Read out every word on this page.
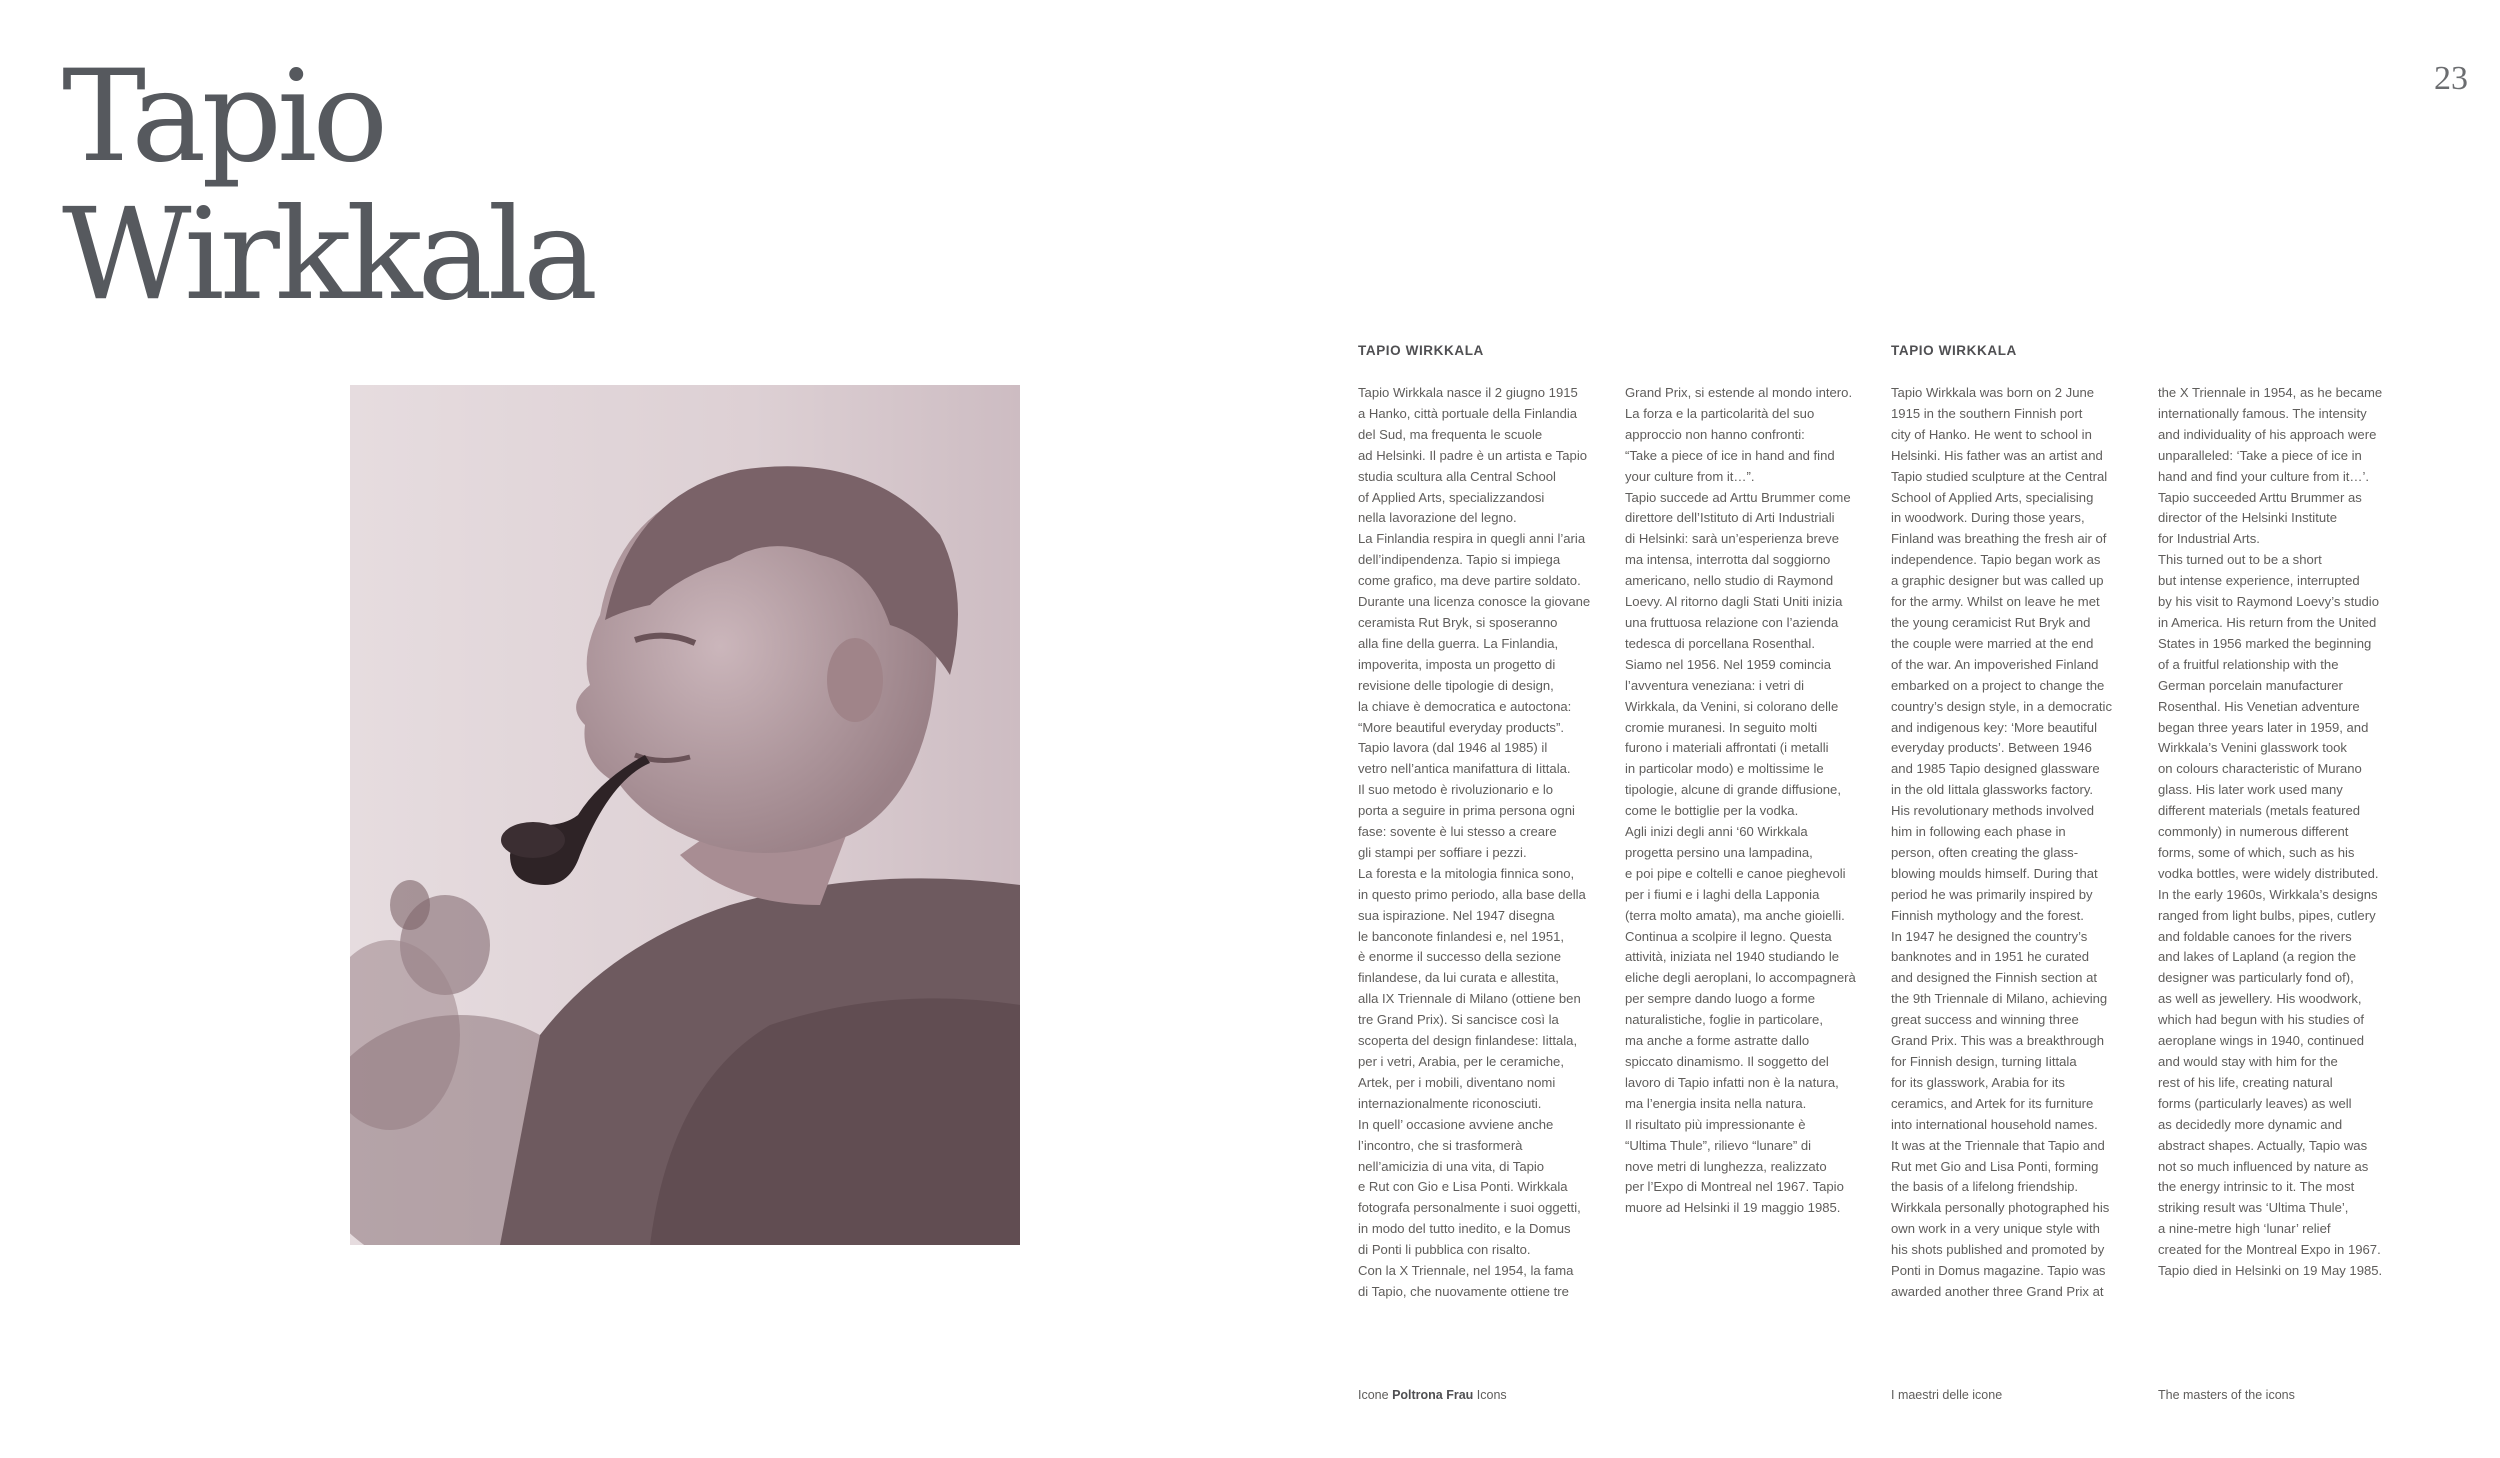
Tapio
Wirkkala
23
TAPIO WIRKKALA

Tapio Wirkkala nasce il 2 giugno 1915

a Hanko, città portuale della Finlandia

del Sud, ma frequenta le scuole

ad Helsinki. Il padre è un artista e Tapio

studia scultura alla Central School

of Applied Arts, specializzandosi

nella lavorazione del legno.

La Finlandia respira in quegli anni l’aria

dell’indipendenza. Tapio si impiega

come grafico, ma deve partire soldato.

Durante una licenza conosce la giovane

ceramista Rut Bryk, si sposeranno

alla fine della guerra. La Finlandia,

impoverita, imposta un progetto di

revisione delle tipologie di design,

la chiave è democratica e autoctona:

“More beautiful everyday products”.

Tapio lavora (dal 1946 al 1985) il

vetro nell’antica manifattura di Iittala.

Il suo metodo è rivoluzionario e lo

porta a seguire in prima persona ogni

fase: sovente è lui stesso a creare

gli stampi per soffiare i pezzi.

La foresta e la mitologia finnica sono,

in questo primo periodo, alla base della

sua ispirazione. Nel 1947 disegna

le banconote finlandesi e, nel 1951,

è enorme il successo della sezione

finlandese, da lui curata e allestita,

alla IX Triennale di Milano (ottiene ben

tre Grand Prix). Si sancisce così la

scoperta del design finlandese: Iittala,

per i vetri, Arabia, per le ceramiche,

Artek, per i mobili, diventano nomi

internazionalmente riconosciuti.

In quell’ occasione avviene anche

l’incontro, che si trasformerà

nell’amicizia di una vita, di Tapio

e Rut con Gio e Lisa Ponti. Wirkkala

fotografa personalmente i suoi oggetti,

in modo del tutto inedito, e la Domus

di Ponti li pubblica con risalto.

Con la X Triennale, nel 1954, la fama

di Tapio, che nuovamente ottiene tre

Grand Prix, si estende al mondo intero.

La forza e la particolarità del suo

approccio non hanno confronti:

“Take a piece of ice in hand and find

your culture from it…”.

Tapio succede ad Arttu Brummer come

direttore dell’Istituto di Arti Industriali

di Helsinki: sarà un’esperienza breve

ma intensa, interrotta dal soggiorno

americano, nello studio di Raymond

Loevy. Al ritorno dagli Stati Uniti inizia

una fruttuosa relazione con l’azienda

tedesca di porcellana Rosenthal.

Siamo nel 1956. Nel 1959 comincia

l’avventura veneziana: i vetri di

Wirkkala, da Venini, si colorano delle

cromie muranesi. In seguito molti

furono i materiali affrontati (i metalli

in particolar modo) e moltissime le

tipologie, alcune di grande diffusione,

come le bottiglie per la vodka.

Agli inizi degli anni ‘60 Wirkkala

progetta persino una lampadina,

e poi pipe e coltelli e canoe pieghevoli

per i fiumi e i laghi della Lapponia

(terra molto amata), ma anche gioielli.

Continua a scolpire il legno. Questa

attività, iniziata nel 1940 studiando le

eliche degli aeroplani, lo accompagnerà

per sempre dando luogo a forme

naturalistiche, foglie in particolare,

ma anche a forme astratte dallo

spiccato dinamismo. Il soggetto del

lavoro di Tapio infatti non è la natura,

ma l’energia insita nella natura.

Il risultato più impressionante è

“Ultima Thule”, rilievo “lunare” di

nove metri di lunghezza, realizzato

per l’Expo di Montreal nel 1967. Tapio

muore ad Helsinki il 19 maggio 1985.

TAPIO WIRKKALA

Tapio Wirkkala was born on 2 June

1915 in the southern Finnish port

city of Hanko. He went to school in

Helsinki. His father was an artist and

Tapio studied sculpture at the Central

School of Applied Arts, specialising

in woodwork. During those years,

Finland was breathing the fresh air of

independence. Tapio began work as

a graphic designer but was called up

for the army. Whilst on leave he met

the young ceramicist Rut Bryk and

the couple were married at the end

of the war. An impoverished Finland

embarked on a project to change the

country’s design style, in a democratic

and indigenous key: ‘More beautiful

everyday products’. Between 1946

and 1985 Tapio designed glassware

in the old Iittala glassworks factory.

His revolutionary methods involved

him in following each phase in

person, often creating the glass-

blowing moulds himself. During that

period he was primarily inspired by

Finnish mythology and the forest.

In 1947 he designed the country’s

banknotes and in 1951 he curated

and designed the Finnish section at

the 9th Triennale di Milano, achieving

great success and winning three

Grand Prix. This was a breakthrough

for Finnish design, turning Iittala

for its glasswork, Arabia for its

ceramics, and Artek for its furniture

into international household names.

It was at the Triennale that Tapio and

Rut met Gio and Lisa Ponti, forming

the basis of a lifelong friendship.

Wirkkala personally photographed his

own work in a very unique style with

his shots published and promoted by

Ponti in Domus magazine. Tapio was

awarded another three Grand Prix at

the X Triennale in 1954, as he became

internationally famous. The intensity

and individuality of his approach were

unparalleled: ‘Take a piece of ice in

hand and find your culture from it…’.

Tapio succeeded Arttu Brummer as

director of the Helsinki Institute

for Industrial Arts.

This turned out to be a short

but intense experience, interrupted

by his visit to Raymond Loevy’s studio

in America. His return from the United

States in 1956 marked the beginning

of a fruitful relationship with the

German porcelain manufacturer

Rosenthal. His Venetian adventure

began three years later in 1959, and

Wirkkala’s Venini glasswork took

on colours characteristic of Murano

glass. His later work used many

different materials (metals featured

commonly) in numerous different

forms, some of which, such as his

vodka bottles, were widely distributed.

In the early 1960s, Wirkkala’s designs

ranged from light bulbs, pipes, cutlery

and foldable canoes for the rivers

and lakes of Lapland (a region the

designer was particularly fond of),

as well as jewellery. His woodwork,

which had begun with his studies of

aeroplane wings in 1940, continued

and would stay with him for the

rest of his life, creating natural

forms (particularly leaves) as well

as decidedly more dynamic and

abstract shapes. Actually, Tapio was

not so much influenced by nature as

the energy intrinsic to it. The most

striking result was ‘Ultima Thule’,

a nine-metre high ‘lunar’ relief

created for the Montreal Expo in 1967.

Tapio died in Helsinki on 19 May 1985.

Icone Poltrona Frau Icons	I maestri delle icone	The masters of the icons
